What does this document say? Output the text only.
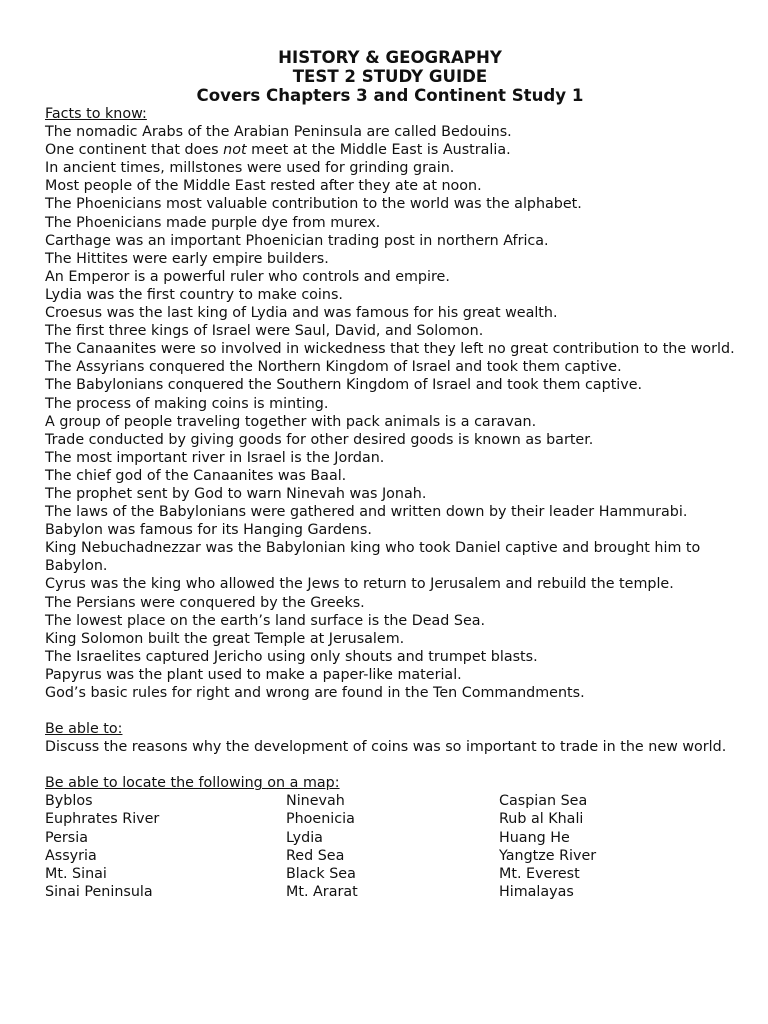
HISTORY & GEOGRAPHY
TEST 2 STUDY GUIDE
Covers Chapters 3 and Continent Study 1
Facts to know:
The nomadic Arabs of the Arabian Peninsula are called Bedouins.
One continent that does not meet at the Middle East is Australia.
In ancient times, millstones were used for grinding grain.
Most people of the Middle East rested after they ate at noon.
The Phoenicians most valuable contribution to the world was the alphabet.
The Phoenicians made purple dye from murex.
Carthage was an important Phoenician trading post in northern Africa.
The Hittites were early empire builders.
An Emperor is a powerful ruler who controls and empire.
Lydia was the first country to make coins.
Croesus was the last king of Lydia and was famous for his great wealth.
The first three kings of Israel were Saul, David, and Solomon.
The Canaanites were so involved in wickedness that they left no great contribution to the world.
The Assyrians conquered the Northern Kingdom of Israel and took them captive.
The Babylonians conquered the Southern Kingdom of Israel and took them captive.
The process of making coins is minting.
A group of people traveling together with pack animals is a caravan.
Trade conducted by giving goods for other desired goods is known as barter.
The most important river in Israel is the Jordan.
The chief god of the Canaanites was Baal.
The prophet sent by God to warn Ninevah was Jonah.
The laws of the Babylonians were gathered and written down by their leader Hammurabi.
Babylon was famous for its Hanging Gardens.
King Nebuchadnezzar was the Babylonian king who took Daniel captive and brought him to Babylon.
Cyrus was the king who allowed the Jews to return to Jerusalem and rebuild the temple.
The Persians were conquered by the Greeks.
The lowest place on the earth’s land surface is the Dead Sea.
King Solomon built the great Temple at Jerusalem.
The Israelites captured Jericho using only shouts and trumpet blasts.
Papyrus was the plant used to make a paper-like material.
God’s basic rules for right and wrong are found in the Ten Commandments.
Be able to:
Discuss the reasons why the development of coins was so important to trade in the new world.
Be able to locate the following on a map:
Byblos	Ninevah	Caspian Sea
Euphrates River	Phoenicia	Rub al Khali
Persia	Lydia	Huang He
Assyria	Red Sea	Yangtze River
Mt. Sinai	Black Sea	Mt. Everest
Sinai Peninsula	Mt. Ararat	Himalayas
